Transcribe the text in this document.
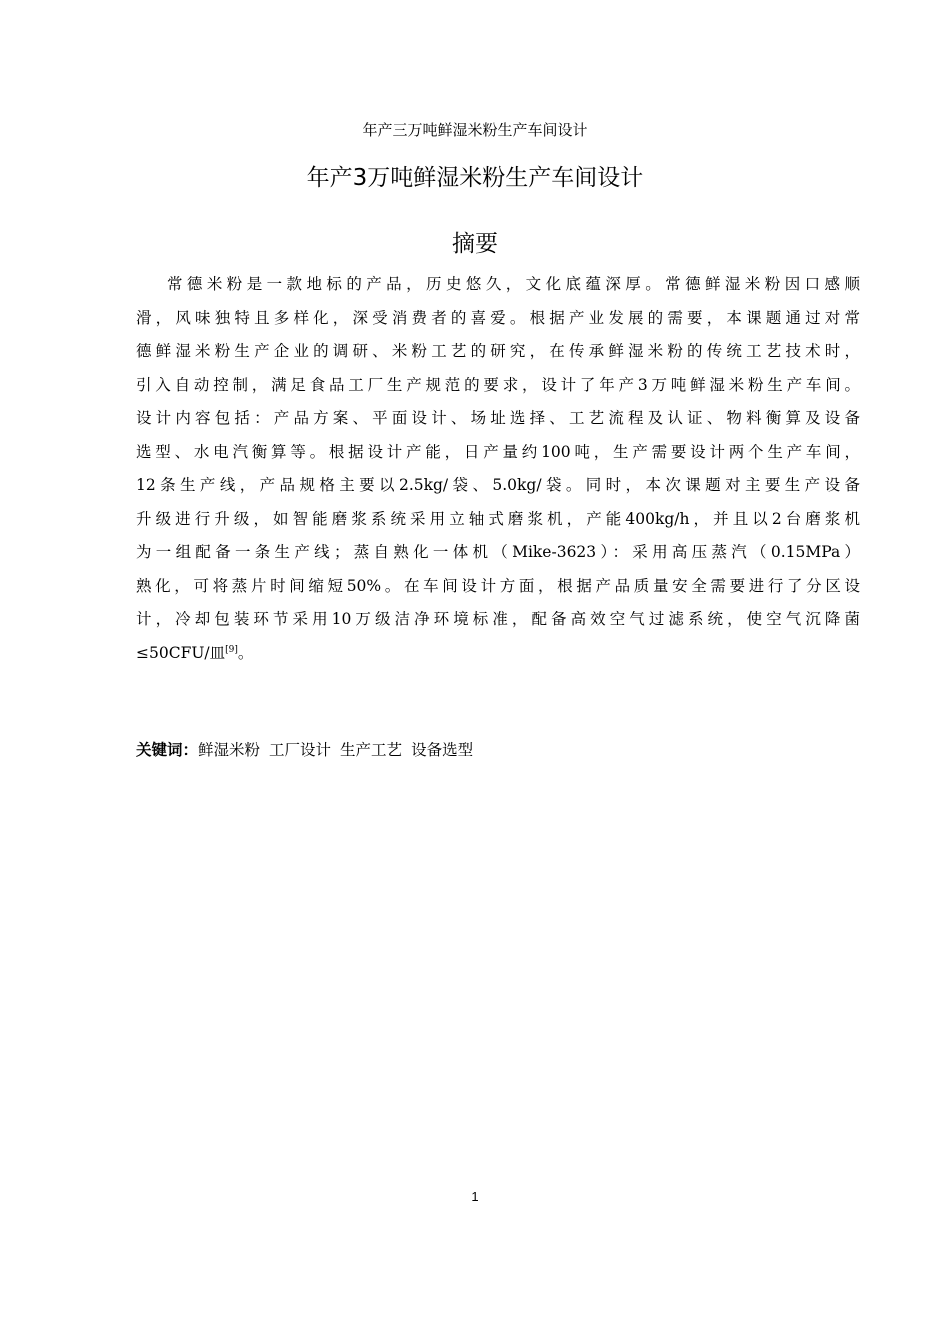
年产三万吨鲜湿米粉生产车间设计
年产3万吨鲜湿米粉生产车间设计
摘要
常德米粉是一款地标的产品，历史悠久，文化底蕴深厚。常德鲜湿米粉因口感顺
滑，风味独特且多样化，深受消费者的喜爱。根据产业发展的需要，本课题通过对常
德鲜湿米粉生产企业的调研、米粉工艺的研究，在传承鲜湿米粉的传统工艺技术时，
引入自动控制，满足食品工厂生产规范的要求，设计了年产3万吨鲜湿米粉生产车间。
设计内容包括：产品方案、平面设计、场址选择、工艺流程及认证、物料衡算及设备
选型、水电汽衡算等。根据设计产能，日产量约100吨，生产需要设计两个生产车间，
12条生产线，产品规格主要以2.5kg/袋、5.0kg/袋。同时，本次课题对主要生产设备
升级进行升级，如智能磨浆系统采用立轴式磨浆机，产能400kg/h，并且以2台磨浆机
为一组配备一条生产线；蒸自熟化一体机（Mike-3623）：采用高压蒸汽（0.15MPa）
熟化，可将蒸片时间缩短50%。在车间设计方面，根据产品质量安全需要进行了分区设
计，冷却包装环节采用10万级洁净环境标准，配备高效空气过滤系统，使空气沉降菌
≤50CFU/皿[9]。
关键词：鲜湿米粉 工厂设计 生产工艺 设备选型
1
